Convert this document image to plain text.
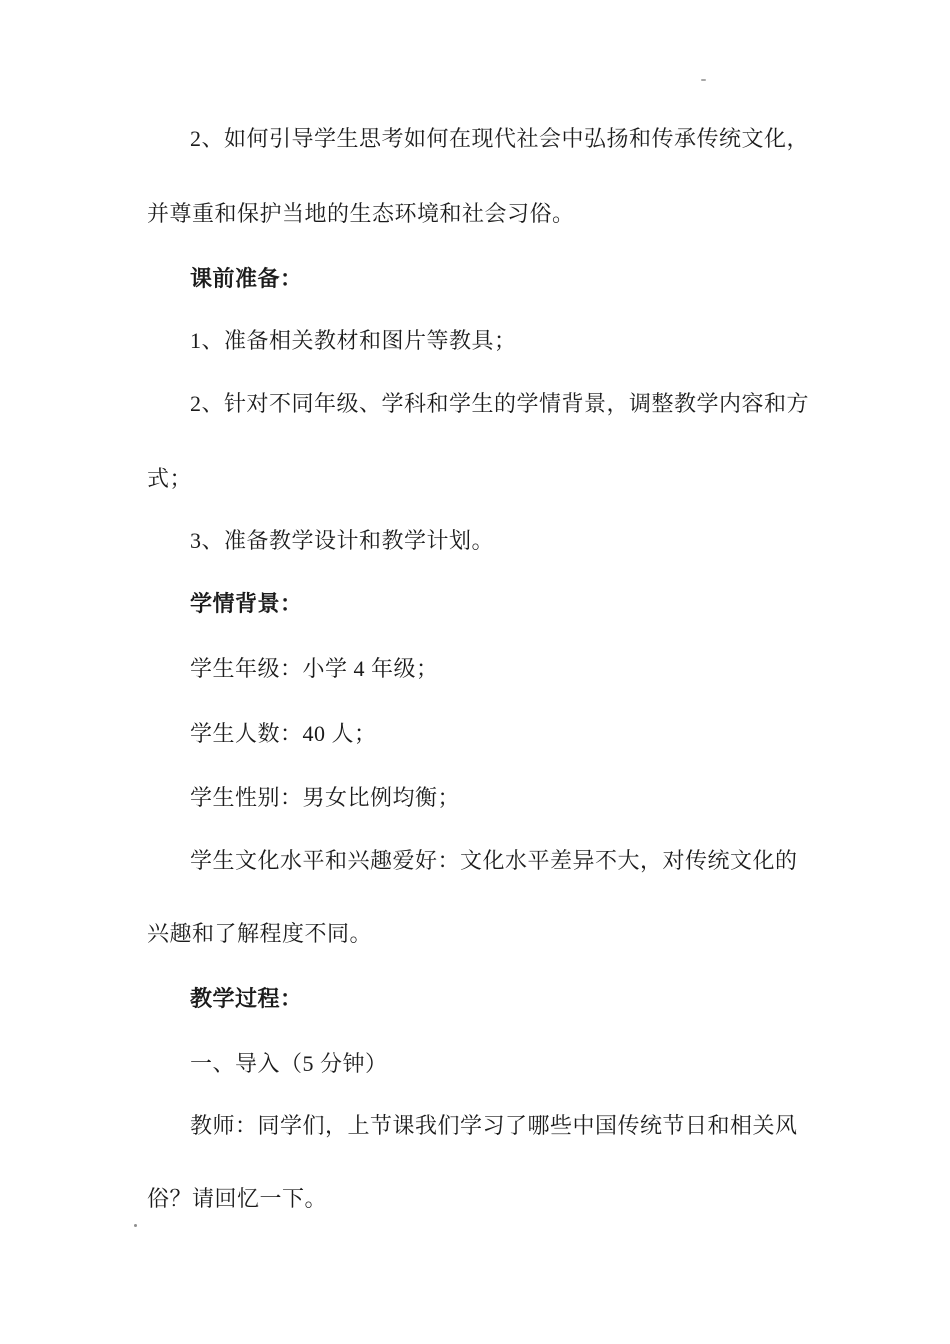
2、如何引导学生思考如何在现代社会中弘扬和传承传统文化，
并尊重和保护当地的生态环境和社会习俗。
课前准备：
1、准备相关教材和图片等教具；
2、针对不同年级、学科和学生的学情背景，调整教学内容和方
式；
3、准备教学设计和教学计划。
学情背景：
学生年级：小学 4 年级；
学生人数：40 人；
学生性别：男女比例均衡；
学生文化水平和兴趣爱好：文化水平差异不大，对传统文化的
兴趣和了解程度不同。
教学过程：
一、导入（5 分钟）
教师：同学们，上节课我们学习了哪些中国传统节日和相关风
俗？请回忆一下。
